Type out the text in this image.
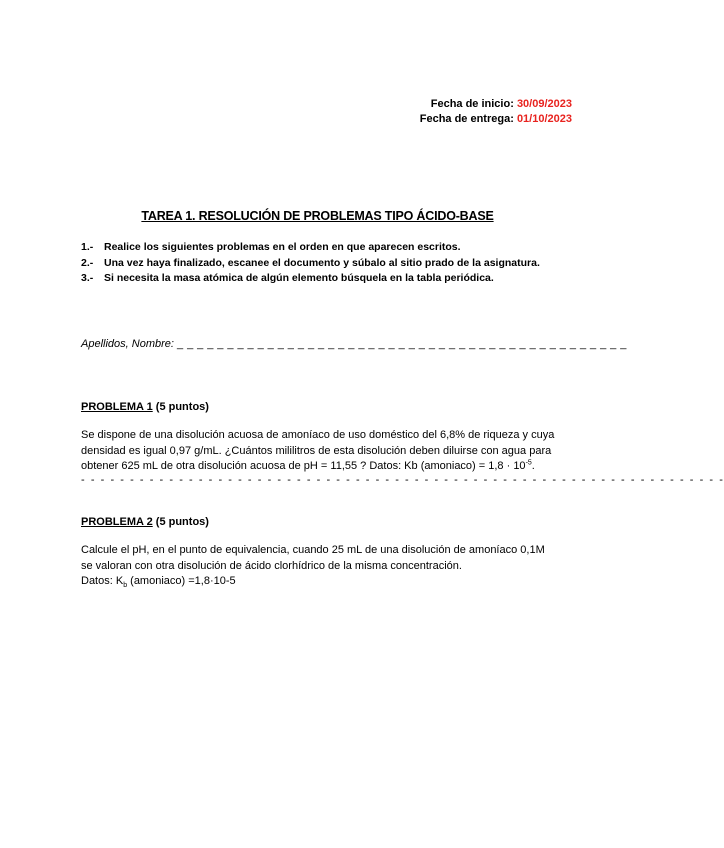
Fecha de inicio: 30/09/2023
Fecha de entrega: 01/10/2023
TAREA 1. RESOLUCIÓN DE PROBLEMAS TIPO ÁCIDO-BASE
1.- Realice los siguientes problemas en el orden en que aparecen escritos.
2.- Una vez haya finalizado, escanee el documento y súbalo al sitio prado de la asignatura.
3.- Si necesita la masa atómica de algún elemento búsquela en la tabla periódica.
Apellidos, Nombre: _ _ _ _ _ _ _ _ _ _ _ _ _ _ _ _ _ _ _ _ _ _ _ _ _ _ _ _ _ _ _ _ _ _ _ _ _ _ _ _ _ _ _ _ _
PROBLEMA 1 (5 puntos)
Se dispone de una disolución acuosa de amoníaco de uso doméstico del 6,8% de riqueza y cuya
densidad es igual 0,97 g/mL. ¿Cuántos mililitros de esta disolución deben diluirse con agua para
obtener 625 mL de otra disolución acuosa de pH = 11,55 ? Datos: Kb (amoniaco) = $1,8 \cdot 10^{-5}$.
- - - - - - - - - - - - - - - - - - - - - - - - - - - - - - - - - - - - - - - - - - - - - - - - - - - - - - - - - - - - - - - - - -
PROBLEMA 2 (5 puntos)
Calcule el pH, en el punto de equivalencia, cuando 25 mL de una disolución de amoníaco 0,1M
se valoran con otra disolución de ácido clorhídrico de la misma concentración.
Datos: $K_b$ (amoniaco) =1,8·10-5
